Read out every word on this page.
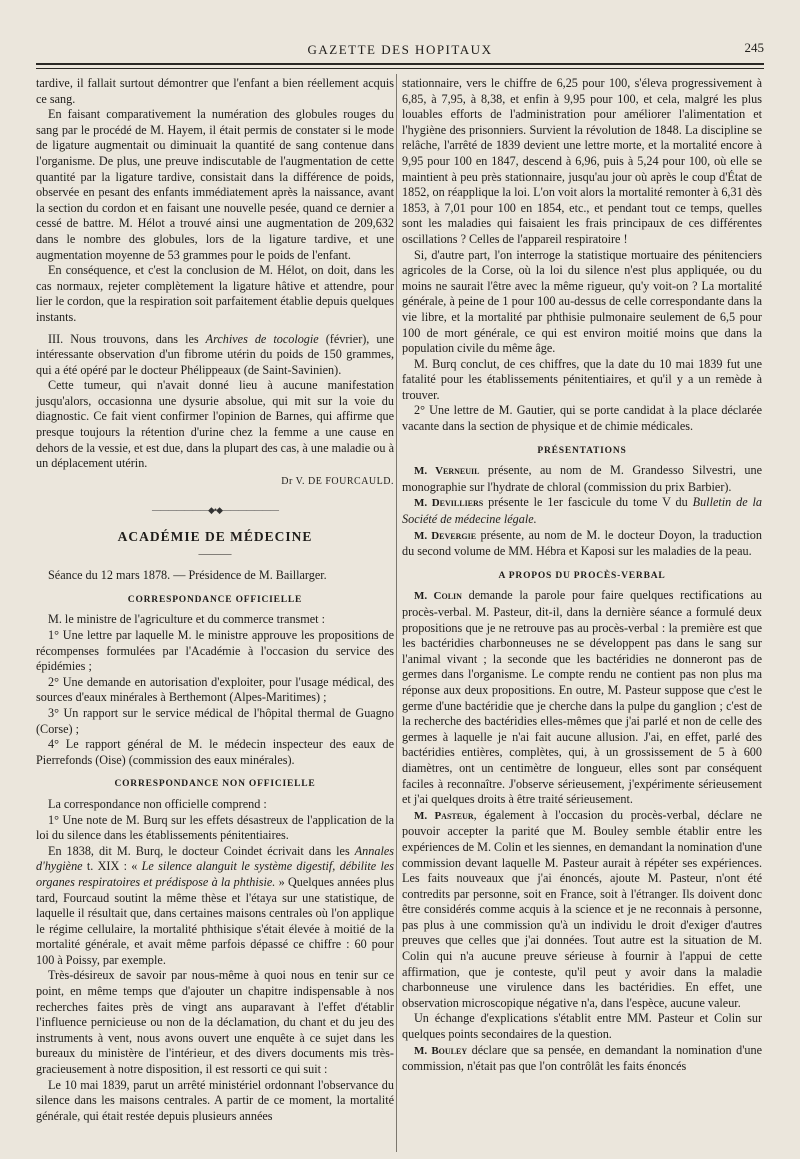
GAZETTE DES HOPITAUX	245

tardive, il fallait surtout démontrer que l'enfant a bien réellement acquis ce sang.

En faisant comparativement la numération des globules rouges du sang par le procédé de M. Hayem, il était permis de constater si le mode de ligature augmentait ou diminuait la quantité de sang contenue dans l'organisme. De plus, une preuve indiscutable de l'augmentation de cette quantité par la ligature tardive, consistait dans la différence de poids, observée en pesant des enfants immédiatement après la naissance, avant la section du cordon et en faisant une nouvelle pesée, quand ce dernier a cessé de battre. M. Hélot a trouvé ainsi une augmentation de 209,632 dans le nombre des globules, lors de la ligature tardive, et une augmentation moyenne de 53 grammes pour le poids de l'enfant.

En conséquence, et c'est la conclusion de M. Hélot, on doit, dans les cas normaux, rejeter complètement la ligature hâtive et attendre, pour lier le cordon, que la respiration soit parfaitement établie depuis quelques instants.

III. Nous trouvons, dans les Archives de tocologie (février), une intéressante observation d'un fibrome utérin du poids de 150 grammes, qui a été opéré par le docteur Phélippeaux (de Saint-Savinien).

Cette tumeur, qui n'avait donné lieu à aucune manifestation jusqu'alors, occasionna une dysurie absolue, qui mit sur la voie du diagnostic. Ce fait vient confirmer l'opinion de Barnes, qui affirme que presque toujours la rétention d'urine chez la femme a une cause en dehors de la vessie, et est due, dans la plupart des cas, à une maladie ou à un déplacement utérin.

Dr V. DE FOURCAULD.
———————◆•◆———————
ACADÉMIE DE MÉDECINE
———

Séance du 12 mars 1878. — Présidence de M. Baillarger.

CORRESPONDANCE OFFICIELLE

M. le ministre de l'agriculture et du commerce transmet :

1° Une lettre par laquelle M. le ministre approuve les propositions de récompenses formulées par l'Académie à l'occasion du service des épidémies ;

2° Une demande en autorisation d'exploiter, pour l'usage médical, des sources d'eaux minérales à Berthemont (Alpes-Maritimes) ;

3° Un rapport sur le service médical de l'hôpital thermal de Guagno (Corse) ;

4° Le rapport général de M. le médecin inspecteur des eaux de Pierrefonds (Oise) (commission des eaux minérales).

CORRESPONDANCE NON OFFICIELLE

La correspondance non officielle comprend :

1° Une note de M. Burq sur les effets désastreux de l'application de la loi du silence dans les établissements pénitentiaires.

En 1838, dit M. Burq, le docteur Coindet écrivait dans les Annales d'hygiène t. XIX : « Le silence alanguit le système digestif, débilite les organes respiratoires et prédispose à la phthisie. » Quelques années plus tard, Fourcaud soutint la même thèse et l'étaya sur une statistique, de laquelle il résultait que, dans certaines maisons centrales où l'on applique le régime cellulaire, la mortalité phthisique s'était élevée à moitié de la mortalité générale, et avait même parfois dépassé ce chiffre : 60 pour 100 à Poissy, par exemple.

Très-désireux de savoir par nous-même à quoi nous en tenir sur ce point, en même temps que d'ajouter un chapitre indispensable à nos recherches faites près de vingt ans auparavant à l'effet d'établir l'influence pernicieuse ou non de la déclamation, du chant et du jeu des instruments à vent, nous avons ouvert une enquête à ce sujet dans les bureaux du ministère de l'intérieur, et des divers documents mis très-gracieusement à notre disposition, il est ressorti ce qui suit :

Le 10 mai 1839, parut un arrêté ministériel ordonnant l'observance du silence dans les maisons centrales. A partir de ce moment, la mortalité générale, qui était restée depuis plusieurs années

stationnaire, vers le chiffre de 6,25 pour 100, s'éleva progressivement à 6,85, à 7,95, à 8,38, et enfin à 9,95 pour 100, et cela, malgré les plus louables efforts de l'administration pour améliorer l'alimentation et l'hygiène des prisonniers. Survient la révolution de 1848. La discipline se relâche, l'arrêté de 1839 devient une lettre morte, et la mortalité encore à 9,95 pour 100 en 1847, descend à 6,96, puis à 5,24 pour 100, où elle se maintient à peu près stationnaire, jusqu'au jour où après le coup d'État de 1852, on réapplique la loi. L'on voit alors la mortalité remonter à 6,31 dès 1853, à 7,01 pour 100 en 1854, etc., et pendant tout ce temps, quelles sont les maladies qui faisaient les frais principaux de ces différentes oscillations ? Celles de l'appareil respiratoire !

Si, d'autre part, l'on interroge la statistique mortuaire des pénitenciers agricoles de la Corse, où la loi du silence n'est plus appliquée, ou du moins ne saurait l'être avec la même rigueur, qu'y voit-on ? La mortalité générale, à peine de 1 pour 100 au-dessus de celle correspondante dans la vie libre, et la mortalité par phthisie pulmonaire seulement de 6,5 pour 100 de mort générale, ce qui est environ moitié moins que dans la population civile du même âge.

M. Burq conclut, de ces chiffres, que la date du 10 mai 1839 fut une fatalité pour les établissements pénitentiaires, et qu'il y a un remède à trouver.

2° Une lettre de M. Gautier, qui se porte candidat à la place déclarée vacante dans la section de physique et de chimie médicales.

PRÉSENTATIONS

M. Verneuil présente, au nom de M. Grandesso Silvestri, une monographie sur l'hydrate de chloral (commission du prix Barbier).

M. Devilliers présente le 1er fascicule du tome V du Bulletin de la Société de médecine légale.

M. Devergie présente, au nom de M. le docteur Doyon, la traduction du second volume de MM. Hébra et Kaposi sur les maladies de la peau.

A PROPOS DU PROCÈS-VERBAL

M. Colin demande la parole pour faire quelques rectifications au procès-verbal. M. Pasteur, dit-il, dans la dernière séance a formulé deux propositions que je ne retrouve pas au procès-verbal : la première est que les bactéridies charbonneuses ne se développent pas dans le sang sur l'animal vivant ; la seconde que les bactéridies ne donneront pas de germes dans l'organisme. Le compte rendu ne contient pas non plus ma réponse aux deux propositions. En outre, M. Pasteur suppose que c'est le germe d'une bactéridie que je cherche dans la pulpe du ganglion ; c'est de la recherche des bactéridies elles-mêmes que j'ai parlé et non de celle des germes à laquelle je n'ai fait aucune allusion. J'ai, en effet, parlé des bactéridies entières, complètes, qui, à un grossissement de 5 à 600 diamètres, ont un centimètre de longueur, elles sont par conséquent faciles à reconnaître. J'observe sérieusement, j'expérimente sérieusement et j'ai quelques droits à être traité sérieusement.

M. Pasteur, également à l'occasion du procès-verbal, déclare ne pouvoir accepter la parité que M. Bouley semble établir entre les expériences de M. Colin et les siennes, en demandant la nomination d'une commission devant laquelle M. Pasteur aurait à répéter ses expériences. Les faits nouveaux que j'ai énoncés, ajoute M. Pasteur, n'ont été contredits par personne, soit en France, soit à l'étranger. Ils doivent donc être considérés comme acquis à la science et je ne reconnais à personne, pas plus à une commission qu'à un individu le droit d'exiger d'autres preuves que celles que j'ai données. Tout autre est la situation de M. Colin qui n'a aucune preuve sérieuse à fournir à l'appui de cette affirmation, que je conteste, qu'il peut y avoir dans la maladie charbonneuse une virulence dans les bactéridies. En effet, une observation microscopique négative n'a, dans l'espèce, aucune valeur.

Un échange d'explications s'établit entre MM. Pasteur et Colin sur quelques points secondaires de la question.

M. Bouley déclare que sa pensée, en demandant la nomination d'une commission, n'était pas que l'on contrôlât les faits énoncés
